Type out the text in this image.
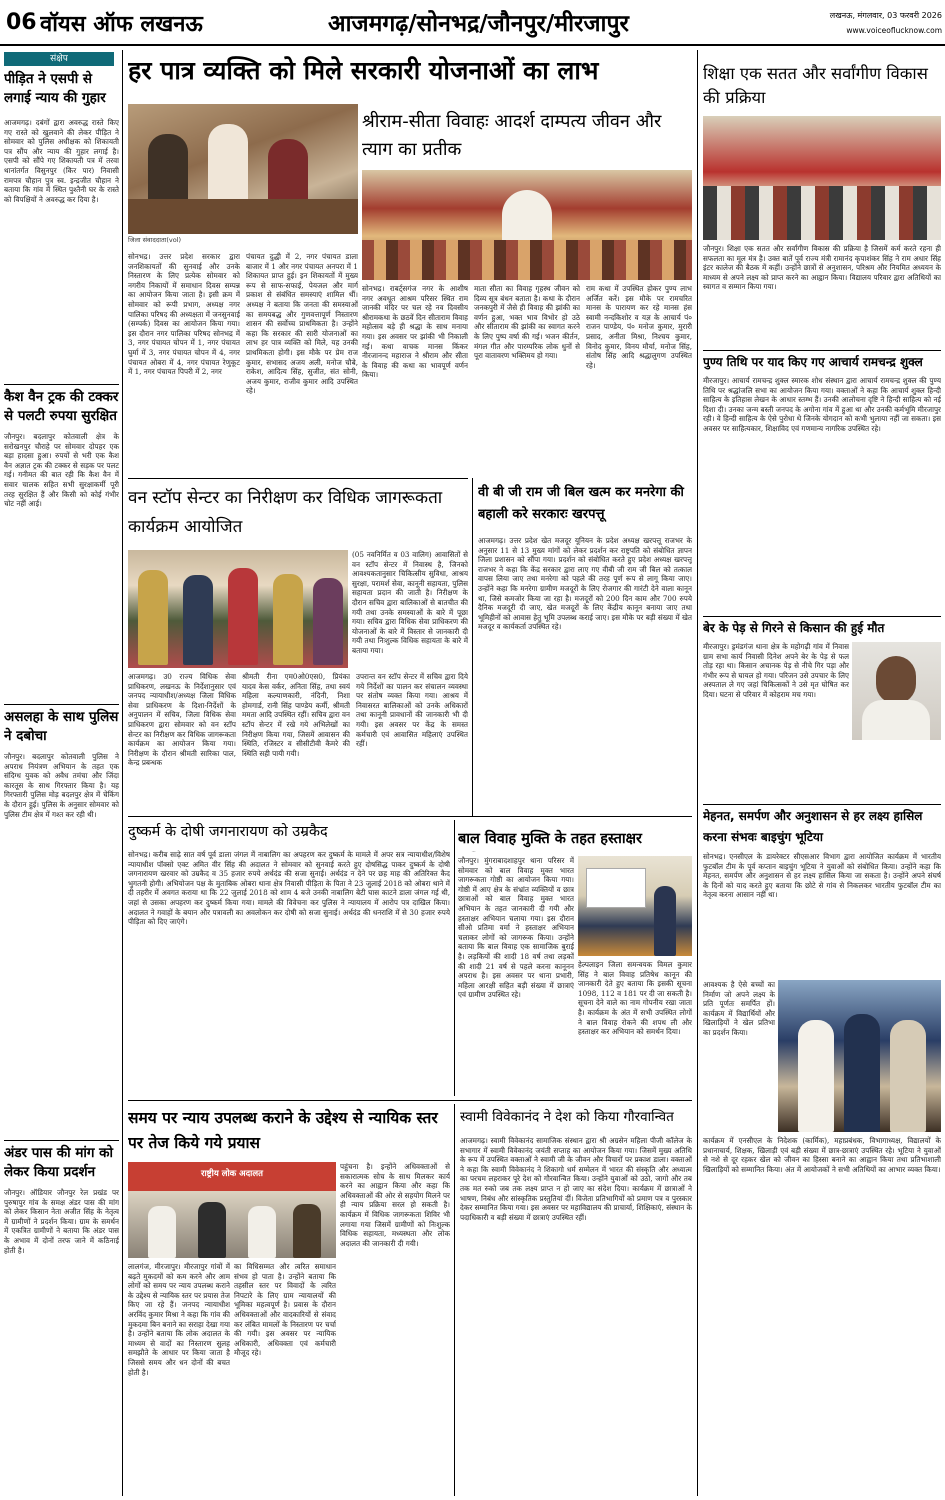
06 वॉयस ऑफ लखनऊ	आजमगढ़/सोनभद्र/जौनपुर/मीरजापुर	लखनऊ, मंगलवार, 03 फरवरी 2026
www.voiceoflucknow.com
संक्षेप
पीड़ित ने एसपी से लगाई न्याय की गुहार
आजमगढ़। दबंगों द्वारा अवरुद्ध रास्ते किए गए रास्ते को खुलवाने की लेकर पीड़ित ने सोमवार को पुलिस अधीक्षक को शिकायती पत्र सौंप और न्याय की गुहार लगाई है। एसपी को सौंपे गए शिकायती पत्र में तरवा थानांतर्गत विसुनपुर (किर पार) निवासी रामपत्र चौहान पुत्र स्व. इन्द्रजीत चौहान ने बताया कि गांव में स्थित पुश्तैनी घर के रास्ते को विपक्षियों ने अवरुद्ध कर दिया है।
कैश वैन ट्रक की टक्कर से पलटी रुपया सुरक्षित
जौनपुर। बदलापुर कोतवाली क्षेत्र के सरोखनपुर चौराहे पर सोमवार दोपहर एक बड़ा हादसा हुआ। रुपयों से भरी एक कैश वैन अज्ञात ट्रक की टक्कर से सड़क पर पलट गई। गनीमत की बात रही कि कैश वैन में सवार चालक सहित सभी सुरक्षाकर्मी पूरी तरह सुरक्षित हैं और किसी को कोई गंभीर चोट नहीं आई।
असलहा के साथ पुलिस ने दबोचा
जौनपुर। बदलापुर कोतवाली पुलिस ने अपराध नियंत्रण अभियान के तहत एक संदिग्ध युवक को अवैध तमंचा और जिंदा कारतूस के साथ गिरफ्तार किया है। यह गिरफ्तारी पुलिस मोड़ बदलपुर क्षेत्र में चेकिंग के दौरान हुई। पुलिस के अनुसार सोमवार को पुलिस टीम क्षेत्र में गश्त कर रही थी।
अंडर पास की मांग को लेकर किया प्रदर्शन
जौनपुर। ऑडियार जौनपुर रेल प्रखंड पर पुरुषापुर गांव के समक्ष अंडर पास की मांग को लेकर किसान नेता अजीत सिंह के नेतृत्व में ग्रामीणों ने प्रदर्शन किया। ग्राम के समर्थन में एकत्रित ग्रामीणों ने बताया कि अंडर पास के अभाव में दोनों तरफ जाने में कठिनाई होती है।
हर पात्र व्यक्ति को मिले सरकारी योजनाओं का लाभ
जिला संवाददाता(vol)
सोनभद्र। उत्तर प्रदेश सरकार द्वारा जनशिकायतों की सुनवाई और उनके निस्तारण के लिए प्रत्येक सोमवार को नगरीय निकायों में समाधान दिवस सम्पन्न का आयोजन किया जाता है। इसी क्रम में सोमवार को रूपी प्रभाग, अध्यक्ष नगर पालिका परिषद की अध्यक्षता में जनसुनवाई (सम्पर्क) दिवस का आयोजन किया गया। इस दौरान नगर पालिका परिषद सोनभद्र में 3, नगर पंचायत चोपन में 1, नगर पंचायत घुर्मा में 3, नगर पंचायत चोपन में 4, नगर पंचायत ओबरा में 4, नगर पंचायत रेणुकूट में 1, नगर पंचायत पिपरी में 2, नगर
पंचायत दुद्धी में 2, नगर पंचायत डाला बाजार में 1 और नगर पंचायत अनपरा में 1 शिकायत प्राप्त हुई। इन शिकायतों में मुख्य रूप से साफ-सफाई, पेयजल और मार्ग प्रकाश से संबंधित समस्याएं शामिल थीं। अध्यक्ष ने बताया कि जनता की समस्याओं का समयबद्ध और गुणवत्तापूर्ण निस्तारण शासन की सर्वोच्च प्राथमिकता है। उन्होंने कहा कि सरकार की सारी योजनाओं का लाभ हर पात्र व्यक्ति को मिले, यह उनकी प्राथमिकता होगी। इस मौके पर प्रेम राज कुमार, सभासद अजय अली, मनोज चौबे, राकेश, आदित्य सिंह, सुजीत, संत सोनी, अजय कुमार, राजीव कुमार आदि उपस्थित रहे।
श्रीराम-सीता विवाहः आदर्श दाम्पत्य जीवन और त्याग का प्रतीक
सोनभद्र। राबर्ट्सगंज नगर के आशीष नगर अवधूत आश्रम परिसर स्थित राम जानकी मंदिर पर चल रहे नव दिवसीय श्रीरामकथा के छठवें दिन सीताराम विवाह महोत्सव बड़े ही श्रद्धा के साथ मनाया गया। इस अवसर पर झांकी भी निकाली गई। कथा वाचक मानस किंकर नीरजानन्द महाराज ने श्रीराम और सीता के विवाह की कथा का भावपूर्ण वर्णन किया।
माता सीता का विवाह गृहस्थ जीवन को दिव्य सूत्र बंधन बताता है। कथा के दौरान जनकपुरी में जैसे ही विवाह की झांकी का वर्णन हुआ, भक्त भाव विभोर हो उठे और सीताराम की झांकी का स्वागत करने के लिए पुष्प वर्षा की गई। भजन कीर्तन, मंगल गीत और पारम्परिक लोक धुनों से पूरा वातावरण भक्तिमय हो गया।
राम कथा में उपस्थित होकर पुण्य लाभ अर्जित करें। इस मौके पर रामचरित मानस के पारायण कर रहे मानस हंस स्वामी नन्दकिशोर व यज्ञ के आचार्य पं० राजन पाण्डेय, पं० मनोज कुमार, मुरारी प्रसाद, अनीता मिश्रा, निश्चय कुमार, विनोद कुमार, विनय मौर्या, मनोज सिंह, संतोष सिंह आदि श्रद्धालुगण उपस्थित रहे।
वन स्टॉप सेन्टर का निरीक्षण कर विधिक जागरूकता कार्यक्रम आयोजित
(05 नवनिर्मित व 03 वालिग) आवासितों से वन स्टॉप सेन्टर में निवास्थ है, जिनको आवश्यकतानुसार चिकित्सीय सुविधा, आश्रय सुरक्षा, परामर्श सेवा, कानूनी सहायता, पुलिस सहायता प्रदान की जाती है। निरीक्षण के दौरान सचिव द्वारा बालिकाओं से बातचीत की गयी तथा उनके समस्याओं के बारे में पूछा गया। सचिव द्वारा विधिक सेवा प्राधिकरण की योजनाओं के बारे में विस्तार से जानकारी दी गयी तथा निःशुल्क विधिक सहायता के बारे में बताया गया।
आजमगढ़। उ0 राज्य विधिक सेवा प्राधिकरण, लखनऊ के निर्देशानुसार एवं जनपद न्यायाधीश/अध्यक्ष जिला विधिक सेवा प्राधिकरण के दिशा-निर्देशों के अनुपालन में सचिव, जिला विधिक सेवा प्राधिकरण द्वारा सोमवार को वन स्टॉप सेन्टर का निरीक्षण कर विधिक जागरूकता कार्यक्रम का आयोजन किया गया। निरीक्षण के दौरान श्रीमती सारिका पाल, केन्द्र प्रबन्धक
श्रीमती रीना एम0ओ0एस0, प्रियंका यादव केस वर्कर, अनिता सिंह, तथा स्वयं महिला कल्याणकारी, नंदिनी, निशा होमगार्ड, रानी सिंह पाण्डेय कर्मी, श्रीमती ममता आदि उपस्थित रहीं। सचिव द्वारा वन स्टॉप सेन्टर में रखे गये अभिलेखों का निरीक्षण किया गया, जिसमें आवासन की स्थिति, रजिस्टर व सीसीटीवी कैमरे की स्थिति सही पायी गयी।
उपरान्त वन स्टॉप सेन्टर में सचिव द्वारा दिये गये निर्देशों का पालन कर संचालन व्यवस्था पर संतोष व्यक्त किया गया। आश्रय में निवासरत बालिकाओं को उनके अधिकारों तथा कानूनी प्रावधानों की जानकारी भी दी गयी। इस अवसर पर केंद्र के समस्त कर्मचारी एवं आवासित महिलाएं उपस्थित रहीं।
वी बी जी राम जी बिल खत्म कर मनरेगा की बहाली करे सरकारः खरपत्तू
आजमगढ़। उत्तर प्रदेश खेत मजदूर यूनियन के प्रदेश अध्यक्ष खरपत्तू राजभर के अनुसार 11 से 13 मुख्य मांगों को लेकर प्रदर्शन कर राष्ट्रपति को संबोधित ज्ञापन जिला प्रशासन को सौंपा गया। प्रदर्शन को संबोधित करते हुए प्रदेश अध्यक्ष खरपत्तू राजभर ने कहा कि केंद्र सरकार द्वारा लाए गए वीबी जी राम जी बिल को तत्काल वापस लिया जाए तथा मनरेगा को पहले की तरह पूर्ण रूप से लागू किया जाए। उन्होंने कहा कि मनरेगा ग्रामीण मजदूरों के लिए रोजगार की गारंटी देने वाला कानून था, जिसे कमजोर किया जा रहा है। मजदूरों को 200 दिन काम और 700 रुपये दैनिक मजदूरी दी जाए, खेत मजदूरों के लिए केंद्रीय कानून बनाया जाए तथा भूमिहीनों को आवास हेतु भूमि उपलब्ध कराई जाए। इस मौके पर बड़ी संख्या में खेत मजदूर व कार्यकर्ता उपस्थित रहे।
दुष्कर्म के दोषी जगनारायण को उम्रकैद
सोनभद्र। करीब साढ़े सात वर्ष पूर्व डाला जंगल में नाबालिग का अपहरण कर दुष्कर्म के मामले में अपर सत्र न्यायाधीश/विशेष न्यायाधीश पॉक्सो एक्ट अमित वीर सिंह की अदालत ने सोमवार को सुनवाई करते हुए दोषसिद्ध पाकर दुष्कर्म के दोषी जगनारायण खरवार को उम्रकैद व 35 हजार रुपये अर्थदंड की सजा सुनाई। अर्थदंड न देने पर छह माह की अतिरिक्त कैद भुगतनी होगी। अभियोजन पक्ष के मुताबिक ओबरा थाना क्षेत्र निवासी पीड़िता के पिता ने 23 जुलाई 2018 को ओबरा थाने में दी तहरीर में अवगत कराया था कि 22 जुलाई 2018 को शाम 4 बजे उनकी नाबालिग बेटी घास काटने डाला जंगल गई थी, जहां से उसका अपहरण कर दुष्कर्म किया गया। मामले की विवेचना कर पुलिस ने न्यायालय में आरोप पत्र दाखिल किया। अदालत ने गवाहों के बयान और पत्रावली का अवलोकन कर दोषी को सजा सुनाई। अर्थदंड की धनराशि में से 30 हजार रुपये पीड़िता को दिए जाएंगे।
बाल विवाह मुक्ति के तहत हस्ताक्षर
जौनपुर। मुंगराबादशाहपुर थाना परिसर में सोमवार को बाल विवाह मुक्त भारत जागरूकता गोष्ठी का आयोजन किया गया। गोष्ठी में आए क्षेत्र के संभ्रांत व्यक्तियों व छात्र छात्राओं को बाल विवाह मुक्त भारत अभियान के तहत जानकारी दी गयी और हस्ताक्षर अभियान चलाया गया। इस दौरान सीओ प्रतिमा वर्मा ने हस्ताक्षर अभियान चलाकर लोगों को जागरूक किया। उन्होंने बताया कि बाल विवाह एक सामाजिक बुराई है। लड़कियों की शादी 18 वर्ष तथा लड़कों की शादी 21 वर्ष से पहले करना कानूनन अपराध है। इस अवसर पर थाना प्रभारी, महिला आरक्षी सहित बड़ी संख्या में छात्राएं एवं ग्रामीण उपस्थित रहे।
हेल्पलाइन जिला समन्वयक विमल कुमार सिंह ने बाल विवाह प्रतिषेध कानून की जानकारी देते हुए बताया कि इसकी सूचना 1098, 112 व 181 पर दी जा सकती है। सूचना देने वाले का नाम गोपनीय रखा जाता है। कार्यक्रम के अंत में सभी उपस्थित लोगों ने बाल विवाह रोकने की शपथ ली और हस्ताक्षर कर अभियान को समर्थन दिया।
समय पर न्याय उपलब्ध कराने के उद्देश्य से न्यायिक स्तर पर तेज किये गये प्रयास
राष्ट्रीय लोक अदालत
लालगंज, मीरजापुर। मीरजापुर गांवों में बढ़ते मुकदमों को कम करने और आम लोगों को समय पर न्याय उपलब्ध कराने के उद्देश्य से न्यायिक स्तर पर प्रयास तेज किए जा रहे हैं। जनपद न्यायाधीश अरविंद कुमार मिश्रा ने कहा कि गांव की मुकदमा बिन बनाने का सराहा देखा गया है। उन्होंने बताया कि लोक अदालत के माध्यम से वादों का निस्तारण सुलह समझौते के आधार पर किया जाता है जिससे समय और धन दोनों की बचत होती है।
का विधिसम्मत और त्वरित समाधान संभव हो पाता है। उन्होंने बताया कि तहसील स्तर पर विवादों के त्वरित निपटारे के लिए ग्राम न्यायालयों की भूमिका महत्वपूर्ण है। प्रवास के दौरान अधिवक्ताओं और वादकारियों से संवाद कर लंबित मामलों के निस्तारण पर चर्चा की गयी। इस अवसर पर न्यायिक अधिकारी, अधिवक्ता एवं कर्मचारी मौजूद रहे।
पहुंचना है। इन्होंने अधिवक्ताओं से सकारात्मक सोच के साथ मिलकर कार्य करने का आह्वान किया और कहा कि अधिवक्ताओं की ओर से सहयोग मिलने पर ही न्याय प्रक्रिया सरल हो सकती है। कार्यक्रम में विधिक जागरूकता शिविर भी लगाया गया जिसमें ग्रामीणों को निःशुल्क विधिक सहायता, मध्यस्थता और लोक अदालत की जानकारी दी गयी।
स्वामी विवेकानंद ने देश को किया गौरवान्वित
आजमगढ़। स्वामी विवेकानंद सामाजिक संस्थान द्वारा श्री अग्रसेन महिला पीजी कॉलेज के सभागार में स्वामी विवेकानंद जयंती सप्ताह का आयोजन किया गया। जिसमें मुख्य अतिथि के रूप में उपस्थित वक्ताओं ने स्वामी जी के जीवन और विचारों पर प्रकाश डाला। वक्ताओं ने कहा कि स्वामी विवेकानंद ने शिकागो धर्म सम्मेलन में भारत की संस्कृति और अध्यात्म का परचम लहराकर पूरे देश को गौरवान्वित किया। उन्होंने युवाओं को उठो, जागो और तब तक मत रुको जब तक लक्ष्य प्राप्त न हो जाए का संदेश दिया। कार्यक्रम में छात्राओं ने भाषण, निबंध और सांस्कृतिक प्रस्तुतियां दीं। विजेता प्रतिभागियों को प्रमाण पत्र व पुरस्कार देकर सम्मानित किया गया। इस अवसर पर महाविद्यालय की प्राचार्या, शिक्षिकाएं, संस्थान के पदाधिकारी व बड़ी संख्या में छात्राएं उपस्थित रहीं।
शिक्षा एक सतत और सर्वांगीण विकास की प्रक्रिया
जौनपुर। शिक्षा एक सतत और सर्वांगीण विकास की प्रक्रिया है जिसमें कर्म करते रहना ही सफलता का मूल मंत्र है। उक्त बातें पूर्व राज्य मंत्री रामानंद कृपाशंकर सिंह ने राम अधार सिंह इंटर कालेज की बैठक में कहीं। उन्होंने छात्रों से अनुशासन, परिश्रम और नियमित अध्ययन के माध्यम से अपने लक्ष्य को प्राप्त करने का आह्वान किया। विद्यालय परिवार द्वारा अतिथियों का स्वागत व सम्मान किया गया।
पुण्य तिथि पर याद किए गए आचार्य रामचन्द्र शुक्ल
मीरजापुर। आचार्य रामचन्द्र शुक्ल स्मारक शोध संस्थान द्वारा आचार्य रामचन्द्र शुक्ल की पुण्य तिथि पर श्रद्धांजलि सभा का आयोजन किया गया। वक्ताओं ने कहा कि आचार्य शुक्ल हिन्दी साहित्य के इतिहास लेखन के आधार स्तम्भ हैं। उनकी आलोचना दृष्टि ने हिन्दी साहित्य को नई दिशा दी। उनका जन्म बस्ती जनपद के अगोना गांव में हुआ था और उनकी कर्मभूमि मीरजापुर रही। वे हिन्दी साहित्य के ऐसे पुरोधा थे जिनके योगदान को कभी भुलाया नहीं जा सकता। इस अवसर पर साहित्यकार, शिक्षाविद एवं गणमान्य नागरिक उपस्थित रहे।
बेर के पेड़ से गिरने से किसान की हुई मौत
मीरजापुर। ड्रमंडगंज थाना क्षेत्र के महोगढ़ी गांव में निवास ग्राम सभा कार्य निवासी दिनेश अपने बेर के पेड़ से फल तोड़ रहा था। किसान अचानक पेड़ से नीचे गिर पड़ा और गंभीर रूप से घायल हो गया। परिजन उसे उपचार के लिए अस्पताल ले गए जहां चिकित्सकों ने उसे मृत घोषित कर दिया। घटना से परिवार में कोहराम मच गया।
मेहनत, समर्पण और अनुशासन से हर लक्ष्य हासिल करना संभवः बाइचुंग भूटिया
सोनभद्र। एनसीएल के डायरेक्टर सीएसआर विभाग द्वारा आयोजित कार्यक्रम में भारतीय फुटबॉल टीम के पूर्व कप्तान बाइचुंग भूटिया ने युवाओं को संबोधित किया। उन्होंने कहा कि मेहनत, समर्पण और अनुशासन से हर लक्ष्य हासिल किया जा सकता है। उन्होंने अपने संघर्ष के दिनों को याद करते हुए बताया कि छोटे से गांव से निकलकर भारतीय फुटबॉल टीम का नेतृत्व करना आसान नहीं था।
आवश्यक है ऐसे बच्चों का निर्माण जो अपने लक्ष्य के प्रति पूर्णतः समर्पित हों। कार्यक्रम में विद्यार्थियों और खिलाड़ियों ने खेल प्रतिभा का प्रदर्शन किया।
कार्यक्रम में एनसीएल के निदेशक (कार्मिक), महाप्रबंधक, विभागाध्यक्ष, विद्यालयों के प्रधानाचार्य, शिक्षक, खिलाड़ी एवं बड़ी संख्या में छात्र-छात्राएं उपस्थित रहे। भूटिया ने युवाओं से नशे से दूर रहकर खेल को जीवन का हिस्सा बनाने का आह्वान किया तथा प्रतिभाशाली खिलाड़ियों को सम्मानित किया। अंत में आयोजकों ने सभी अतिथियों का आभार व्यक्त किया।
